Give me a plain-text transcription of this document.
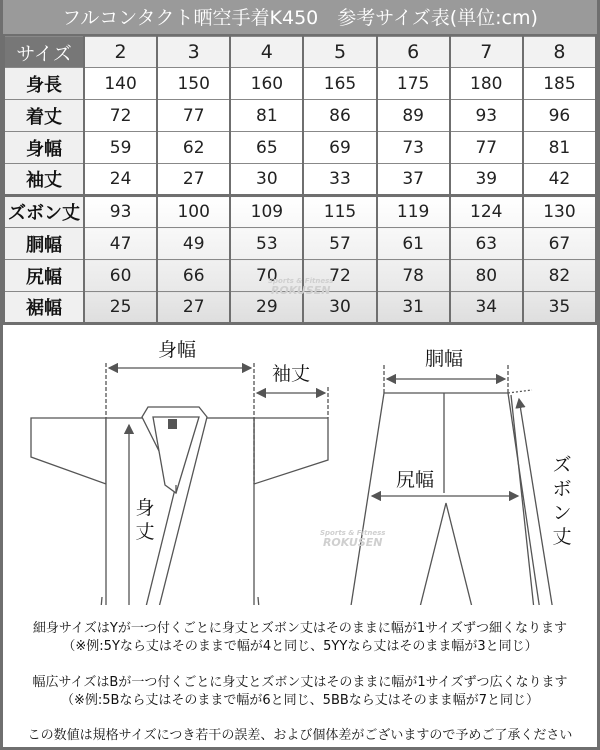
フルコンタクト晒空手着K450　参考サイズ表(単位:cm)
サイズ	2	3	4	5	6	7	8
身長	140	150	160	165	175	180	185
着丈	72	77	81	86	89	93	96
身幅	59	62	65	69	73	77	81
袖丈	24	27	30	33	37	39	42
ズボン丈	93	100	109	115	119	124	130
胴幅	47	49	53	57	61	63	67
尻幅	60	66	70	72	78	80	82
裾幅	25	27	29	30	31	34	35
身幅
袖丈
身
丈
胴幅
尻幅
ズ
ボ
ン
丈
Sports & Fitness
ROKUSEN
Sports & Fitness
ROKUSEN
細身サイズはYが一つ付くごとに身丈とズボン丈はそのままに幅が1サイズずつ細くなります
（※例:5Yなら丈はそのままで幅が4と同じ、5YYなら丈はそのまま幅が3と同じ）
幅広サイズはBが一つ付くごとに身丈とズボン丈はそのままに幅が1サイズずつ広くなります
（※例:5Bなら丈はそのままで幅が6と同じ、5BBなら丈はそのまま幅が7と同じ）
この数値は規格サイズにつき若干の誤差、および個体差がございますので予めご了承ください
